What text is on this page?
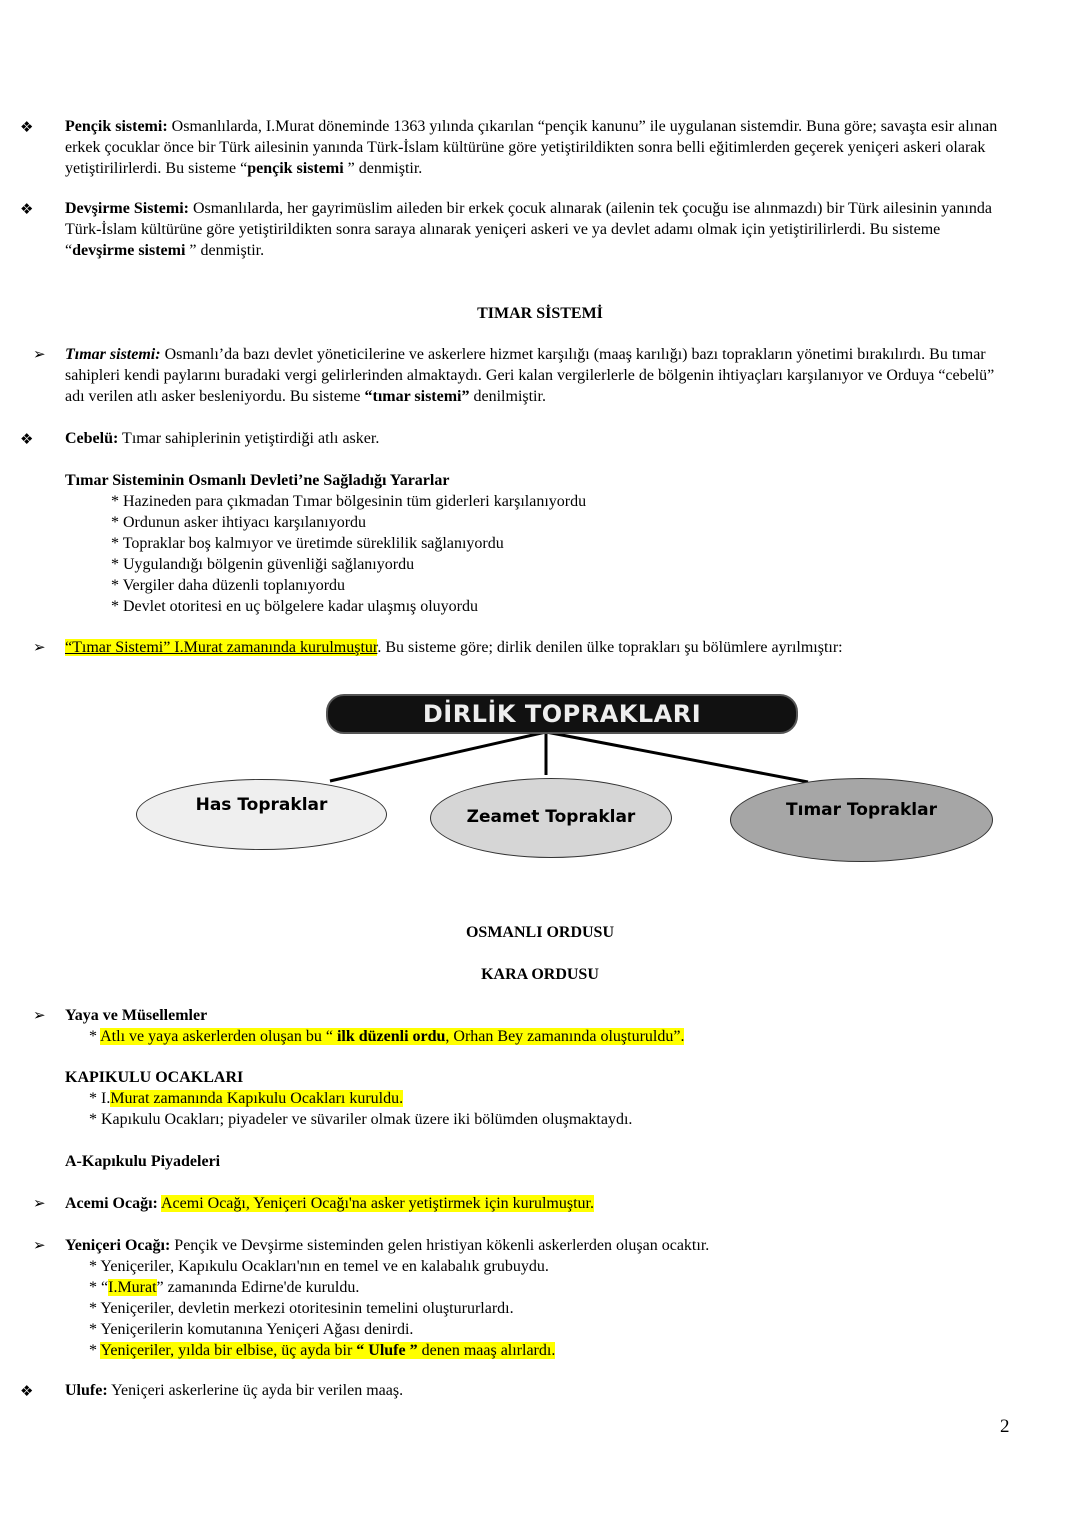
❖ Pençik sistemi: Osmanlılarda, I.Murat döneminde 1363 yılında çıkarılan “pençik kanunu” ile uygulanan sistemdir. Buna göre; savaşta esir alınan erkek çocuklar önce bir Türk ailesinin yanında Türk-İslam kültürüne göre yetiştirildikten sonra belli eğitimlerden geçerek yeniçeri askeri olarak yetiştirilirlerdi. Bu sisteme “pençik sistemi ” denmiştir.

❖ Devşirme Sistemi: Osmanlılarda, her gayrimüslim aileden bir erkek çocuk alınarak (ailenin tek çocuğu ise alınmazdı) bir Türk ailesinin yanında Türk-İslam kültürüne göre yetiştirildikten sonra saraya alınarak yeniçeri askeri ve ya devlet adamı olmak için yetiştirilirlerdi. Bu sisteme “devşirme sistemi ” denmiştir.

TIMAR SİSTEMİ
➢ Tımar sistemi: Osmanlı’da bazı devlet yöneticilerine ve askerlere hizmet karşılığı (maaş karılığı) bazı toprakların yönetimi bırakılırdı. Bu tımar sahipleri kendi paylarını buradaki vergi gelirlerinden almaktaydı. Geri kalan vergilerlerle de bölgenin ihtiyaçları karşılanıyor ve Orduya “cebelü” adı verilen atlı asker besleniyordu. Bu sisteme “tımar sistemi” denilmiştir.

❖ Cebelü: Tımar sahiplerinin yetiştirdiği atlı asker.

Tımar Sisteminin Osmanlı Devleti’ne Sağladığı Yararlar

* Hazineden para çıkmadan Tımar bölgesinin tüm giderleri karşılanıyordu

* Ordunun asker ihtiyacı karşılanıyordu

* Topraklar boş kalmıyor ve üretimde süreklilik sağlanıyordu

* Uygulandığı bölgenin güvenliği sağlanıyordu

* Vergiler daha düzenli toplanıyordu

* Devlet otoritesi en uç bölgelere kadar ulaşmış oluyordu

➢ “Tımar Sistemi” I.Murat zamanında kurulmuştur. Bu sisteme göre; dirlik denilen ülke toprakları şu bölümlere ayrılmıştır:

DİRLİK TOPRAKLARI
Has Topraklar
Zeamet Topraklar	Tımar Topraklar
OSMANLI ORDUSU
KARA ORDUSU
➢ Yaya ve Müsellemler

* Atlı ve yaya askerlerden oluşan bu “ ilk düzenli ordu, Orhan Bey zamanında oluşturuldu”.

KAPIKULU OCAKLARI

* I.Murat zamanında Kapıkulu Ocakları kuruldu.

* Kapıkulu Ocakları; piyadeler ve süvariler olmak üzere iki bölümden oluşmaktaydı.

A-Kapıkulu Piyadeleri

➢ Acemi Ocağı: Acemi Ocağı, Yeniçeri Ocağı'na asker yetiştirmek için kurulmuştur.

➢ Yeniçeri Ocağı: Pençik ve Devşirme sisteminden gelen hristiyan kökenli askerlerden oluşan ocaktır.

* Yeniçeriler, Kapıkulu Ocakları'nın en temel ve en kalabalık grubuydu.

* “I.Murat” zamanında Edirne'de kuruldu.

* Yeniçeriler, devletin merkezi otoritesinin temelini oluştururlardı.

* Yeniçerilerin komutanına Yeniçeri Ağası denirdi.

* Yeniçeriler, yılda bir elbise, üç ayda bir “ Ulufe ” denen maaş alırlardı.

❖ Ulufe: Yeniçeri askerlerine üç ayda bir verilen maaş.

2
